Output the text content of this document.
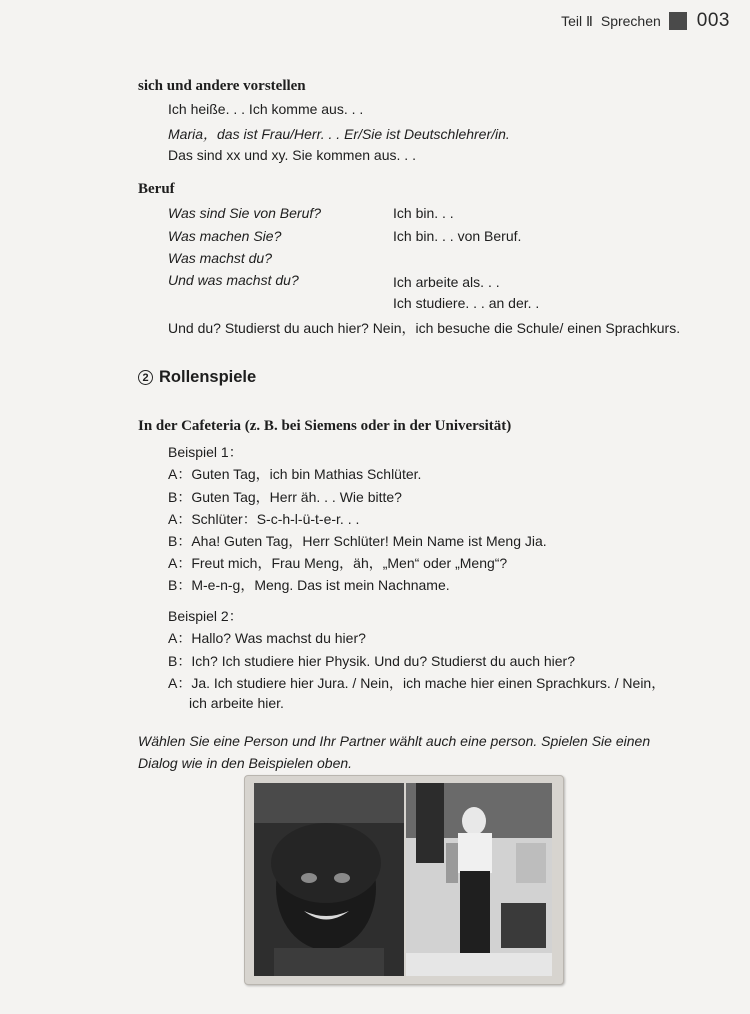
Teil Ⅱ Sprechen 003
sich und andere vorstellen
Ich heiße. . . Ich komme aus. . .
Maria，das ist Frau/Herr. . . Er/Sie ist Deutschlehrer/in.
Das sind xx und xy. Sie kommen aus. . .
Beruf
Was sind Sie von Beruf?	Ich bin. . .
Was machen Sie?	Ich bin. . . von Beruf.
Was machst du?
Und was machst du?	Ich arbeite als. . .
Ich studiere. . . an der. .
Und du? Studierst du auch hier? Nein，ich besuche die Schule/ einen Sprachkurs.
2 Rollenspiele
In der Cafeteria (z. B. bei Siemens oder in der Universität)
Beispiel 1：
A：Guten Tag，ich bin Mathias Schlüter.
B：Guten Tag，Herr äh. . . Wie bitte?
A：Schlüter：S-c-h-l-ü-t-e-r. . .
B：Aha! Guten Tag，Herr Schlüter! Mein Name ist Meng Jia.
A：Freut mich，Frau Meng，äh，„Men“ oder „Meng“?
B：M-e-n-g，Meng. Das ist mein Nachname.
Beispiel 2：
A：Hallo? Was machst du hier?
B：Ich? Ich studiere hier Physik. Und du? Studierst du auch hier?
A：Ja. Ich studiere hier Jura. / Nein，ich mache hier einen Sprachkurs. / Nein，
ich arbeite hier.
Wählen Sie eine Person und Ihr Partner wählt auch eine person. Spielen Sie einen
Dialog wie in den Beispielen oben.
